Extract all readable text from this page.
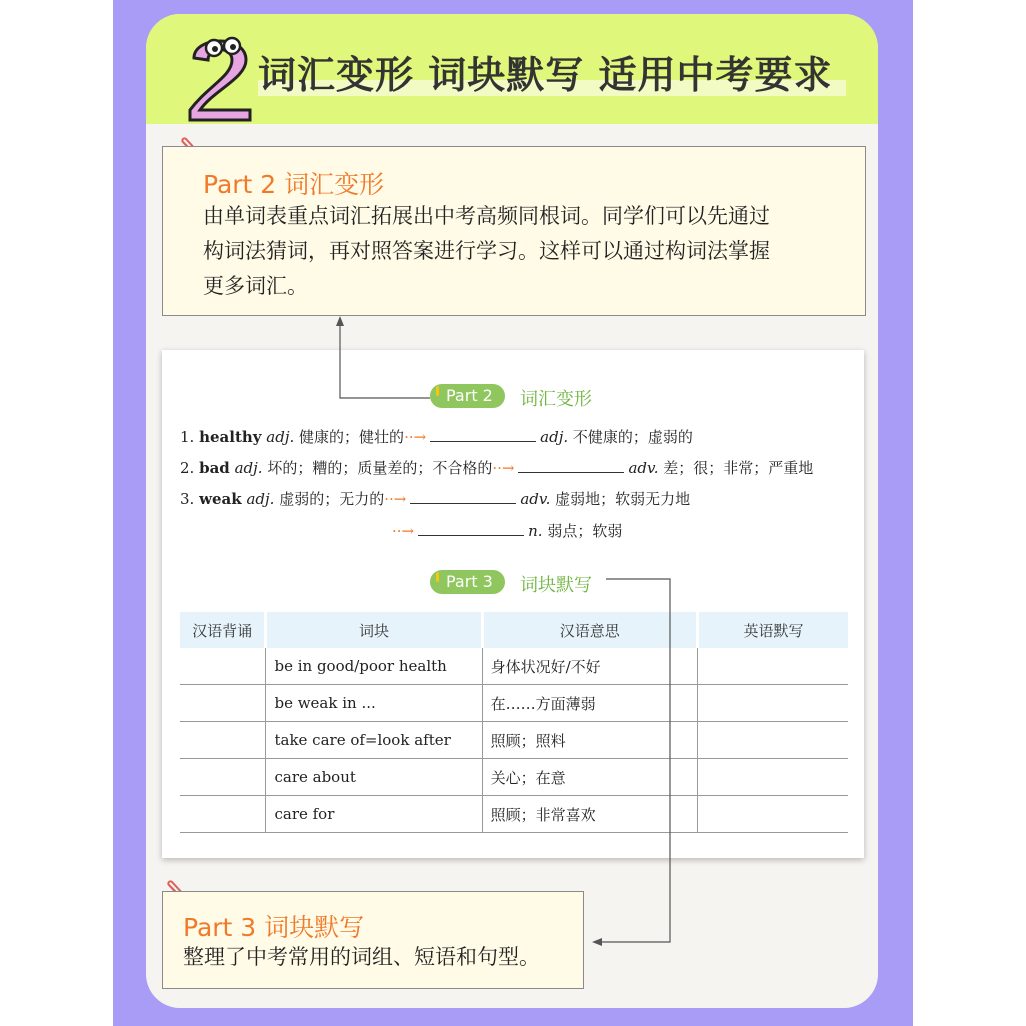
词汇变形 词块默写 适用中考要求
Part 2 词汇变形
由单词表重点词汇拓展出中考高频同根词。同学们可以先通过
构词法猜词，再对照答案进行学习。这样可以通过构词法掌握
更多词汇。
Part 2	词汇变形
1. healthy adj. 健康的；健壮的··→	adj. 不健康的；虚弱的
2. bad adj. 坏的；糟的；质量差的；不合格的··→	adv. 差；很；非常；严重地
3. weak adj. 虚弱的；无力的··→	adv. 虚弱地；软弱无力地
··→	n. 弱点；软弱
Part 3	词块默写
汉语背诵	词块	汉语意思	英语默写
	be in good/poor health	身体状况好/不好	
	be weak in ...	在……方面薄弱	
	take care of=look after	照顾；照料	
	care about	关心；在意	
	care for	照顾；非常喜欢	
Part 3 词块默写
整理了中考常用的词组、短语和句型。
